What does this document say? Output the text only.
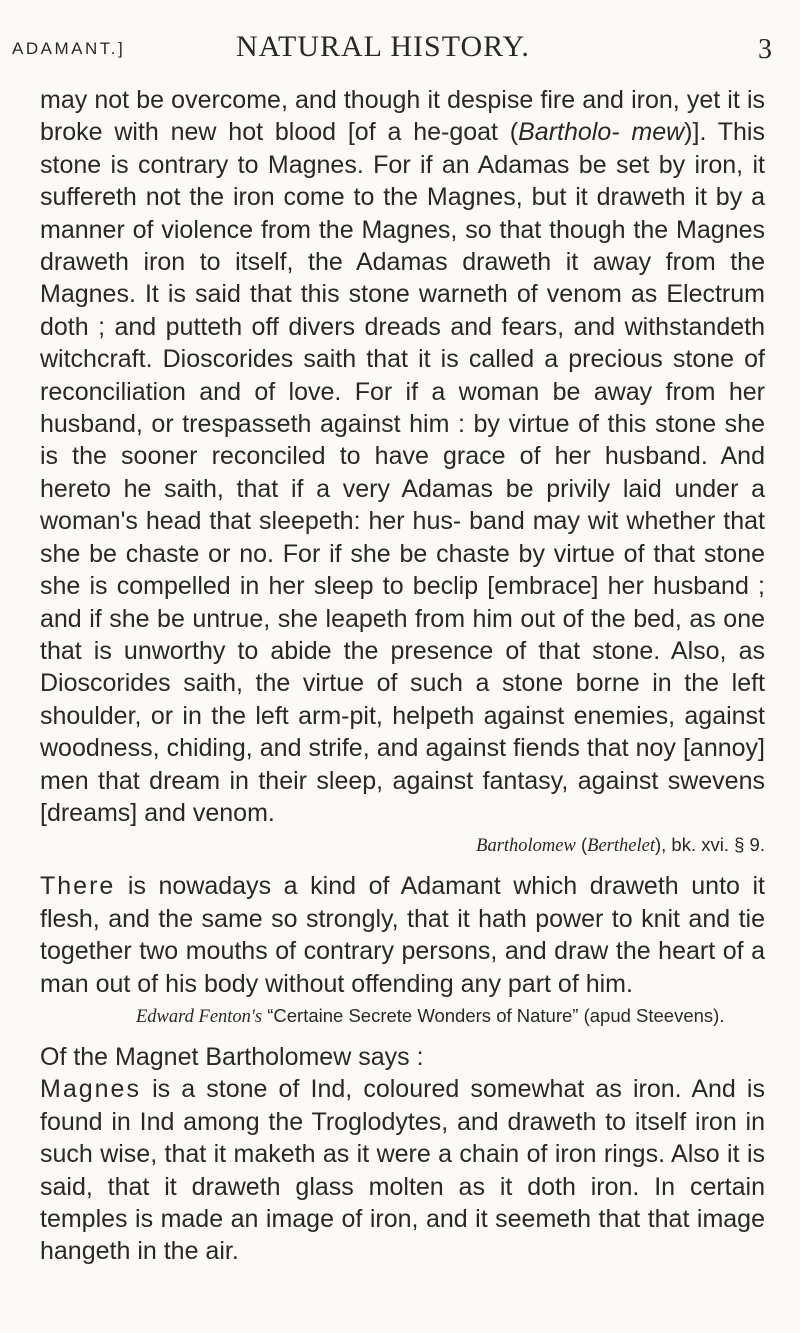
ADAMANT.]	NATURAL HISTORY.	3

may not be overcome, and though it despise fire and iron, yet it is broke with new hot blood [of a he-goat (Bartholo- mew)]. This stone is contrary to Magnes. For if an Adamas be set by iron, it suffereth not the iron come to the Magnes, but it draweth it by a manner of violence from the Magnes, so that though the Magnes draweth iron to itself, the Adamas draweth it away from the Magnes. It is said that this stone warneth of venom as Electrum doth ; and putteth off divers dreads and fears, and withstandeth witchcraft. Dioscorides saith that it is called a precious stone of reconciliation and of love. For if a woman be away from her husband, or trespasseth against him : by virtue of this stone she is the sooner reconciled to have grace of her husband. And hereto he saith, that if a very Adamas be privily laid under a woman's head that sleepeth: her hus- band may wit whether that she be chaste or no. For if she be chaste by virtue of that stone she is compelled in her sleep to beclip [embrace] her husband ; and if she be untrue, she leapeth from him out of the bed, as one that is unworthy to abide the presence of that stone. Also, as Dioscorides saith, the virtue of such a stone borne in the left shoulder, or in the left arm-pit, helpeth against enemies, against woodness, chiding, and strife, and against fiends that noy [annoy] men that dream in their sleep, against fantasy, against swevens [dreams] and venom.

Bartholomew (Berthelet), bk. xvi. § 9.

There is nowadays a kind of Adamant which draweth unto it flesh, and the same so strongly, that it hath power to knit and tie together two mouths of contrary persons, and draw the heart of a man out of his body without offending any part of him.

Edward Fenton's “Certaine Secrete Wonders of Nature” (apud Steevens).

Of the Magnet Bartholomew says :

Magnes is a stone of Ind, coloured somewhat as iron. And is found in Ind among the Troglodytes, and draweth to itself iron in such wise, that it maketh as it were a chain of iron rings. Also it is said, that it draweth glass molten as it doth iron. In certain temples is made an image of iron, and it seemeth that that image hangeth in the air.
